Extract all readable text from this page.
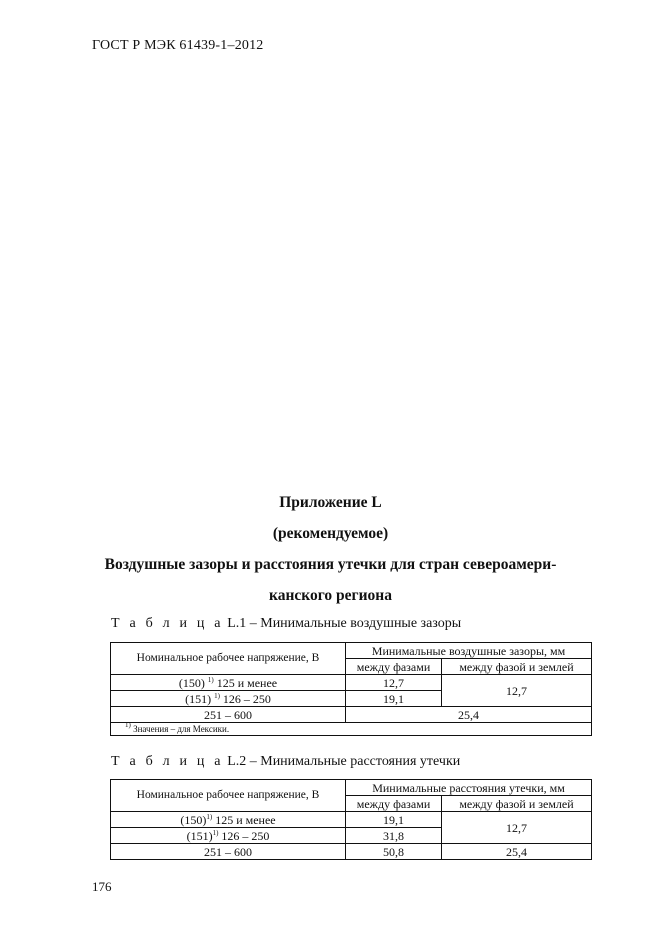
ГОСТ Р МЭК 61439-1–2012
Приложение L
(рекомендуемое)
Воздушные зазоры и расстояния утечки для стран североамери-
канского региона
Т а б л и ц а L.1 – Минимальные воздушные зазоры
Номинальное рабочее напряжение, В	Минимальные воздушные зазоры, мм	
	между фазами	между фазой и землей
(150) $^{1)}$ 125 и менее	12,7	12,7
(151) $^{1)}$ 126 – 250	19,1	
251 – 600	25,4	
$^{1)}$ Значения – для Мексики.		
Т а б л и ц а L.2 – Минимальные расстояния утечки
Номинальное рабочее напряжение, В	Минимальные расстояния утечки, мм	
	между фазами	между фазой и землей
$(150)^{1)}$ 125 и менее	19,1	12,7
$(151)^{1)}$ 126 – 250	31,8	
251 – 600	50,8	25,4
176
